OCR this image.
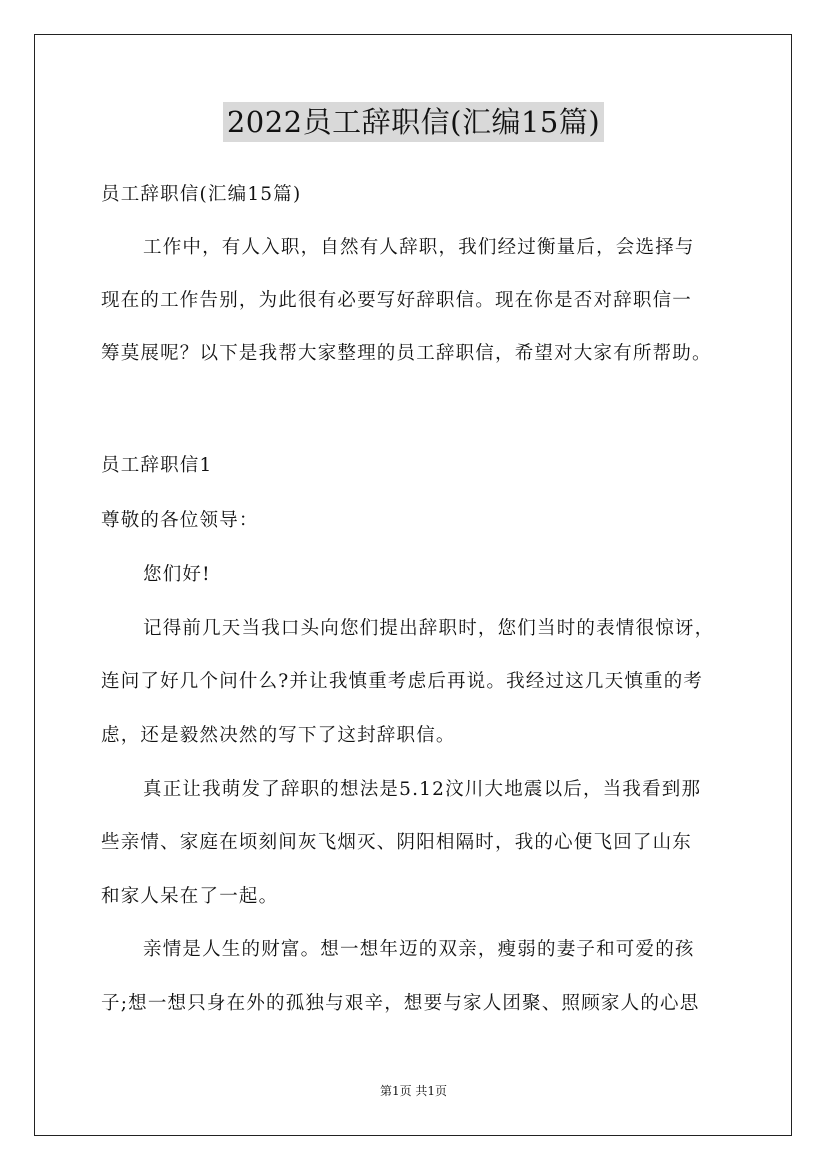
2022员工辞职信(汇编15篇)
员工辞职信(汇编15篇)
工作中，有人入职，自然有人辞职，我们经过衡量后，会选择与
现在的工作告别，为此很有必要写好辞职信。现在你是否对辞职信一
筹莫展呢？以下是我帮大家整理的员工辞职信，希望对大家有所帮助。
员工辞职信1
尊敬的各位领导：
您们好!
记得前几天当我口头向您们提出辞职时，您们当时的表情很惊讶，
连问了好几个问什么?并让我慎重考虑后再说。我经过这几天慎重的考
虑，还是毅然决然的写下了这封辞职信。
真正让我萌发了辞职的想法是5.12汶川大地震以后，当我看到那
些亲情、家庭在顷刻间灰飞烟灭、阴阳相隔时，我的心便飞回了山东
和家人呆在了一起。
亲情是人生的财富。想一想年迈的双亲，瘦弱的妻子和可爱的孩
子;想一想只身在外的孤独与艰辛，想要与家人团聚、照顾家人的心思
第1页 共1页
